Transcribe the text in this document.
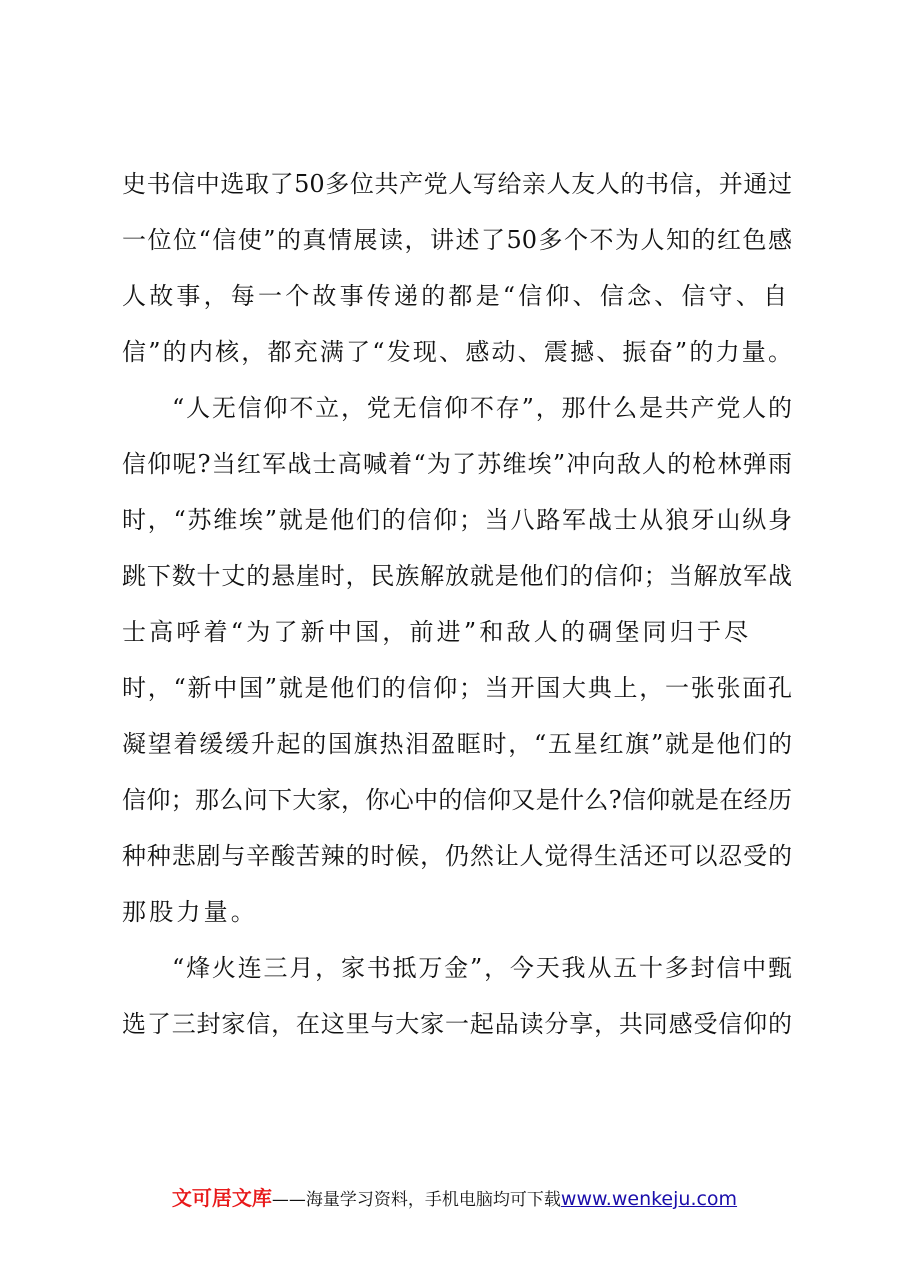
史书信中选取了50多位共产党人写给亲人友人的书信，并通过
一位位“信使”的真情展读，讲述了50多个不为人知的红色感
人故事，每一个故事传递的都是“信仰、信念、信守、自
信”的内核，都充满了“发现、感动、震撼、振奋”的力量。
“人无信仰不立，党无信仰不存”，那什么是共产党人的
信仰呢?当红军战士高喊着“为了苏维埃”冲向敌人的枪林弹雨
时，“苏维埃”就是他们的信仰；当八路军战士从狼牙山纵身
跳下数十丈的悬崖时，民族解放就是他们的信仰；当解放军战
士高呼着“为了新中国，前进”和敌人的碉堡同归于尽
时，“新中国”就是他们的信仰；当开国大典上，一张张面孔
凝望着缓缓升起的国旗热泪盈眶时，“五星红旗”就是他们的
信仰；那么问下大家，你心中的信仰又是什么?信仰就是在经历
种种悲剧与辛酸苦辣的时候，仍然让人觉得生活还可以忍受的
那股力量。
“烽火连三月，家书抵万金”，今天我从五十多封信中甄
选了三封家信，在这里与大家一起品读分享，共同感受信仰的
文可居文库——海量学习资料，手机电脑均可下载www.wenkeju.com
